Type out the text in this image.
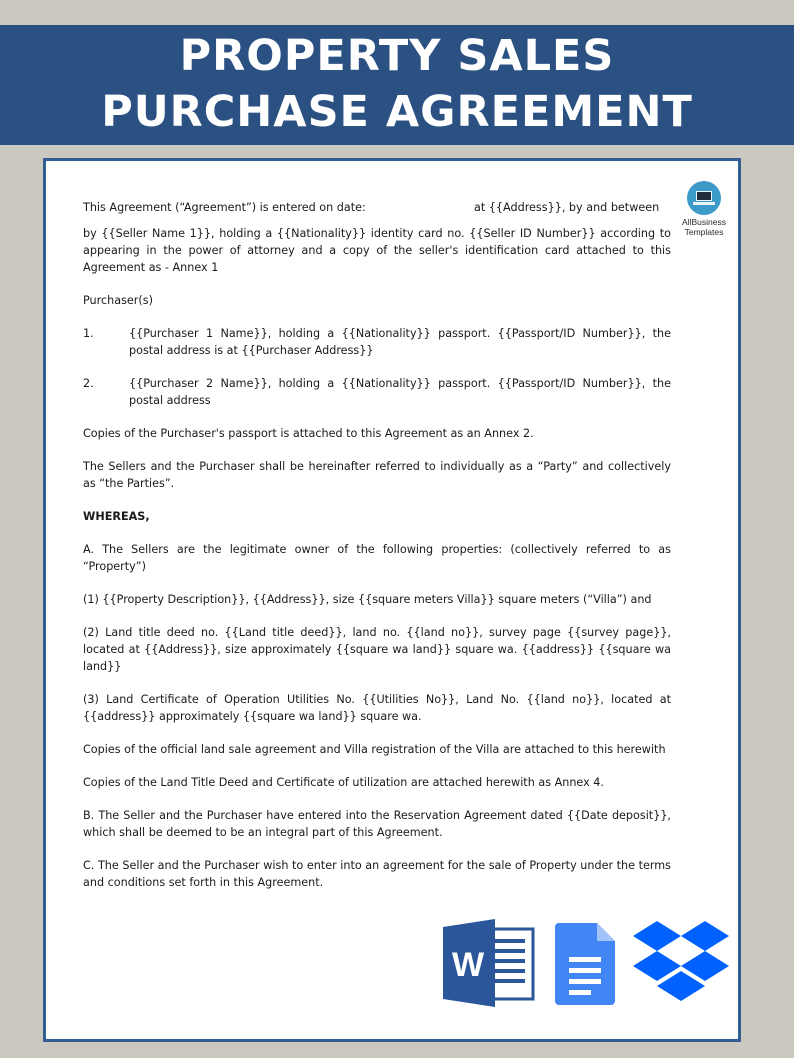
PROPERTY SALES
PURCHASE AGREEMENT
AllBusiness
Templates
This Agreement (“Agreement”) is entered on date:	at {{Address}}, by and between

by {{Seller Name 1}}, holding a {{Nationality}} identity card no. {{Seller ID Number}} according to appearing in the power of attorney and a copy of the seller's identification card attached to this Agreement as - Annex 1

Purchaser(s)

1.	{{Purchaser 1 Name}}, holding a {{Nationality}} passport. {{Passport/ID Number}}, the postal address is at {{Purchaser Address}}
2.	{{Purchaser 2 Name}}, holding a {{Nationality}} passport. {{Passport/ID Number}}, the postal address

Copies of the Purchaser's passport is attached to this Agreement as an Annex 2.

The Sellers and the Purchaser shall be hereinafter referred to individually as a “Party” and collectively as “the Parties”.

WHEREAS,

A. The Sellers are the legitimate owner of the following properties: (collectively referred to as “Property”)

(1) {{Property Description}}, {{Address}}, size {{square meters Villa}} square meters (“Villa”) and

(2) Land title deed no. {{Land title deed}}, land no. {{land no}}, survey page {{survey page}}, located at {{Address}}, size approximately {{square wa land}} square wa. {{address}} {{square wa land}}

(3) Land Certificate of Operation Utilities No. {{Utilities No}}, Land No. {{land no}}, located at {{address}} approximately {{square wa land}} square wa.

Copies of the official land sale agreement and Villa registration of the Villa are attached to this herewith

Copies of the Land Title Deed and Certificate of utilization are attached herewith as Annex 4.

B. The Seller and the Purchaser have entered into the Reservation Agreement dated {{Date deposit}}, which shall be deemed to be an integral part of this Agreement.

C. The Seller and the Purchaser wish to enter into an agreement for the sale of Property under the terms and conditions set forth in this Agreement.

W
